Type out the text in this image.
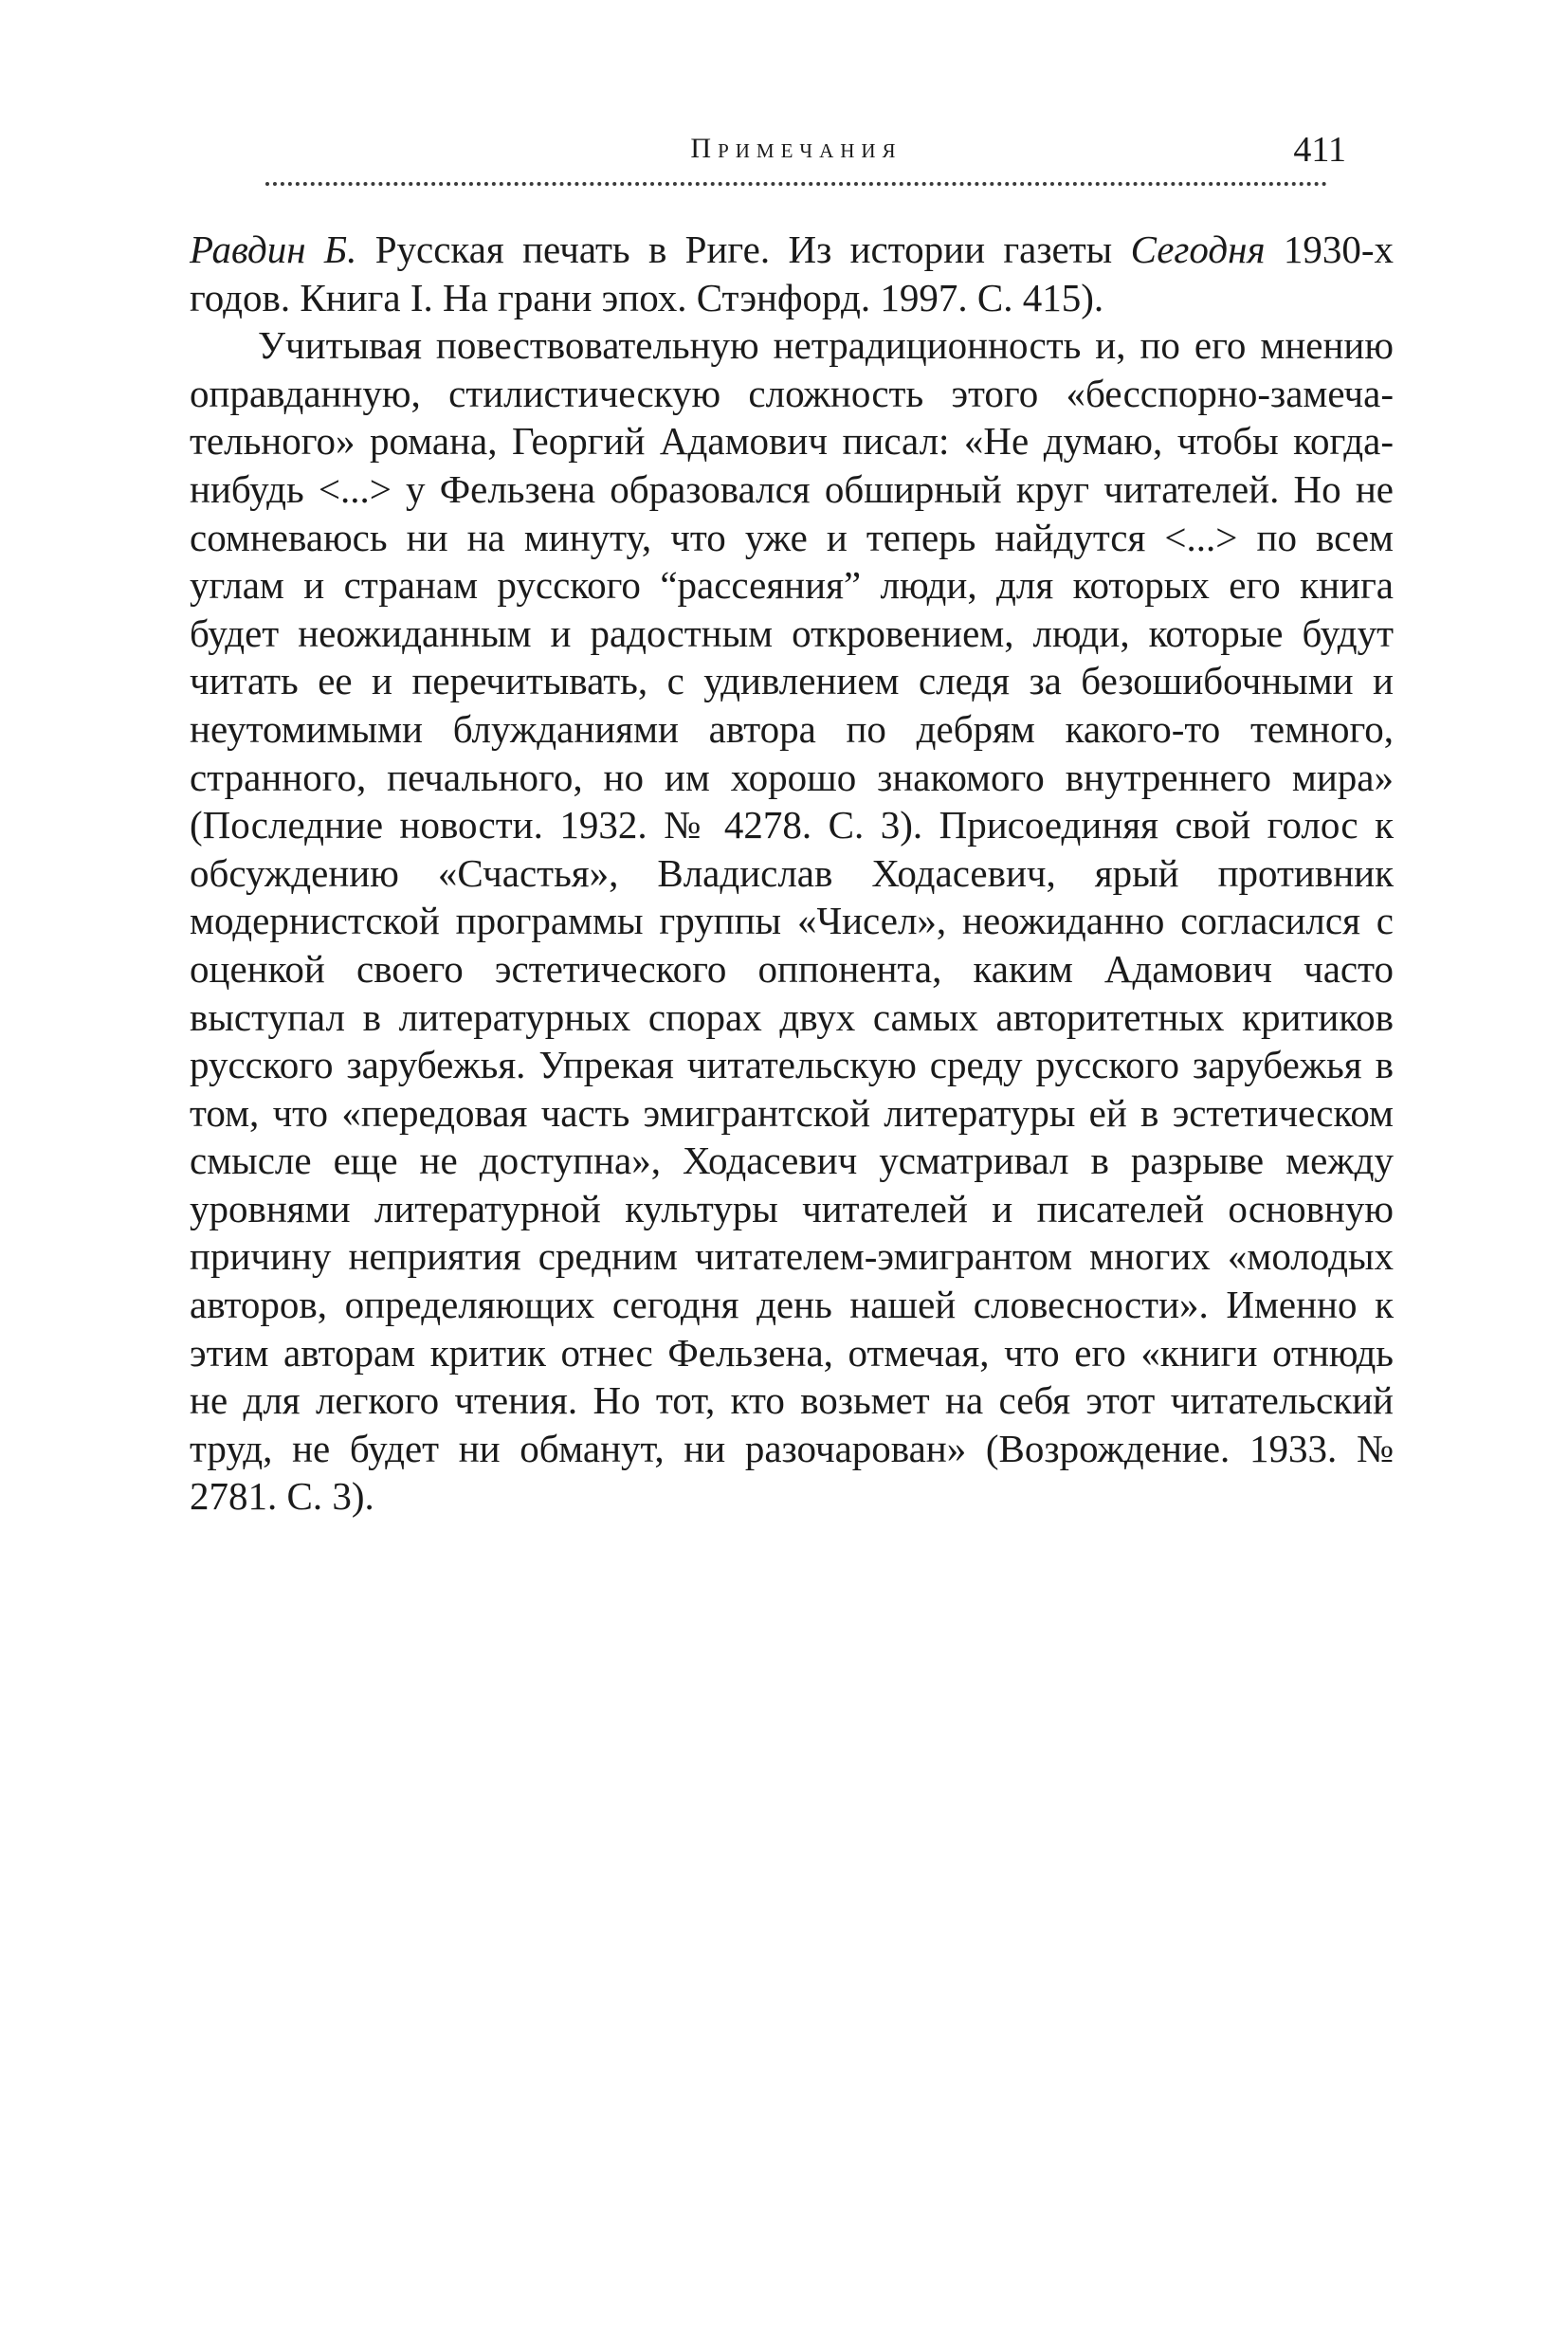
Примечания	411

Равдин Б. Русская печать в Риге. Из истории газеты Сегодня 1930-х годов. Книга I. На грани эпох. Стэнфорд. 1997. С. 415).

Учитывая повествовательную нетрадиционность и, по его мнению оправданную, стилистическую сложность этого «бесспорно-замечательного» романа, Георгий Адамович писал: «Не думаю, чтобы когда-нибудь <...> у Фельзена образовался обширный круг читателей. Но не сомневаюсь ни на минуту, что уже и теперь найдутся <...> по всем углам и странам русского “рассеяния” люди, для которых его книга будет неожиданным и радостным откровением, люди, которые будут читать ее и перечитывать, с удивлением следя за безошибочными и неутомимыми блужданиями автора по дебрям какого-то темного, странного, печального, но им хорошо знакомого внутреннего мира» (Последние новости. 1932. № 4278. С. 3). Присоединяя свой голос к обсуждению «Счастья», Владислав Ходасевич, ярый противник модернистской программы группы «Чисел», неожиданно согласился с оценкой своего эстетического оппонента, каким Адамович часто выступал в литературных спорах двух самых авторитетных критиков русского зарубежья. Упрекая читательскую среду русского зарубежья в том, что «передовая часть эмигрантской литературы ей в эстетическом смысле еще не доступна», Ходасевич усматривал в разрыве между уровнями литературной культуры читателей и писателей основную причину неприятия средним читателем-эмигрантом многих «молодых авторов, определяющих сегодня день нашей словесности». Именно к этим авторам критик отнес Фельзена, отмечая, что его «книги отнюдь не для легкого чтения. Но тот, кто возьмет на себя этот читательский труд, не будет ни обманут, ни разочарован» (Возрождение. 1933. № 2781. С. 3).
